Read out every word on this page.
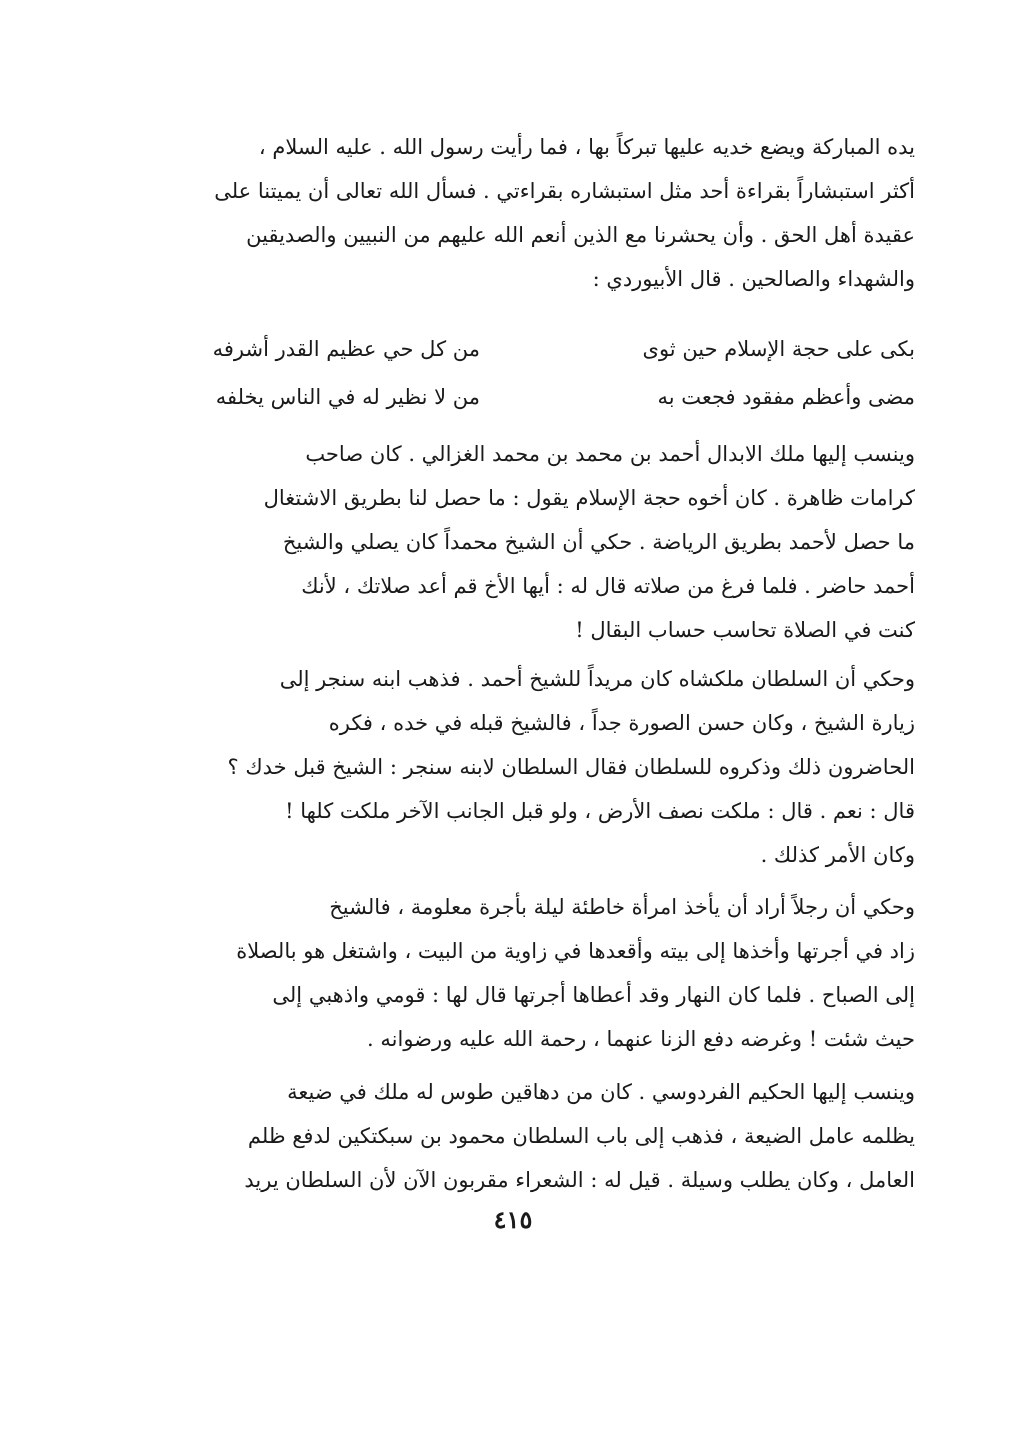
يده المباركة ويضع خديه عليها تبركاً بها ، فما رأيت رسول الله . عليه السلام ،
أكثر استبشاراً بقراءة أحد مثل استبشاره بقراءتي . فسأل الله تعالى أن يميتنا على
عقيدة أهل الحق . وأن يحشرنا مع الذين أنعم الله عليهم من النبيين والصديقين
والشهداء والصالحين . قال الأبيوردي :
بكى على حجة الإسلام حين ثوى
من كل حي عظيم القدر أشرفه
مضى وأعظم مفقود فجعت به
من لا نظير له في الناس يخلفه
وينسب إليها ملك الابدال أحمد بن محمد بن محمد الغزالي . كان صاحب
كرامات ظاهرة . كان أخوه حجة الإسلام يقول : ما حصل لنا بطريق الاشتغال
ما حصل لأحمد بطريق الرياضة . حكي أن الشيخ محمداً كان يصلي والشيخ
أحمد حاضر . فلما فرغ من صلاته قال له : أيها الأخ قم أعد صلاتك ، لأنك
كنت في الصلاة تحاسب حساب البقال !
وحكي أن السلطان ملكشاه كان مريداً للشيخ أحمد . فذهب ابنه سنجر إلى
زيارة الشيخ ، وكان حسن الصورة جداً ، فالشيخ قبله في خده ، فكره
الحاضرون ذلك وذكروه للسلطان فقال السلطان لابنه سنجر : الشيخ قبل خدك ؟
قال : نعم . قال : ملكت نصف الأرض ، ولو قبل الجانب الآخر ملكت كلها !
وكان الأمر كذلك .
وحكي أن رجلاً أراد أن يأخذ امرأة خاطئة ليلة بأجرة معلومة ، فالشيخ
زاد في أجرتها وأخذها إلى بيته وأقعدها في زاوية من البيت ، واشتغل هو بالصلاة
إلى الصباح . فلما كان النهار وقد أعطاها أجرتها قال لها : قومي واذهبي إلى
حيث شئت ! وغرضه دفع الزنا عنهما ، رحمة الله عليه ورضوانه .
وينسب إليها الحكيم الفردوسي . كان من دهاقين طوس له ملك في ضيعة
يظلمه عامل الضيعة ، فذهب إلى باب السلطان محمود بن سبكتكين لدفع ظلم
العامل ، وكان يطلب وسيلة . قيل له : الشعراء مقربون الآن لأن السلطان يريد
٤١٥
